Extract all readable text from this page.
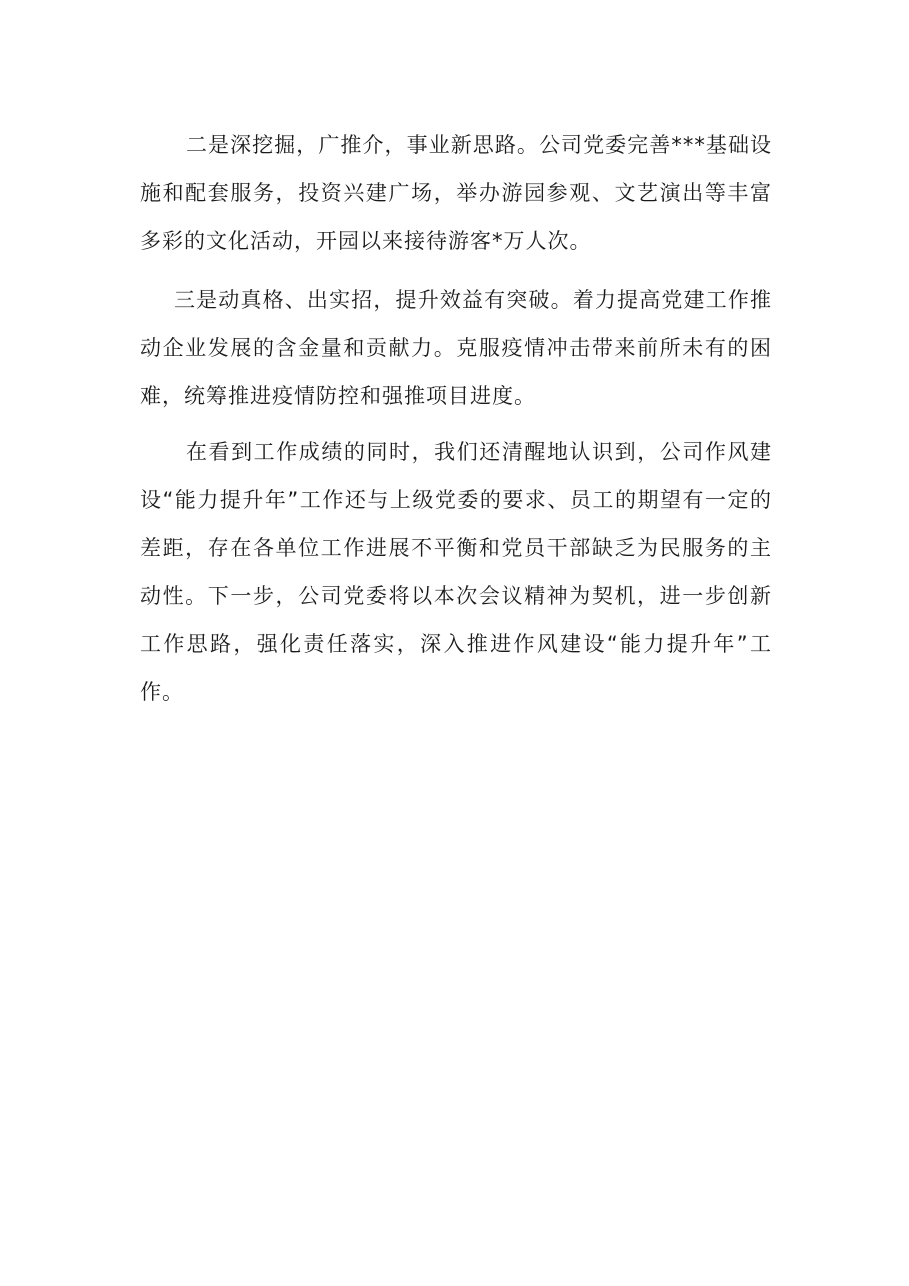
二是深挖掘，广推介，事业新思路。公司党委完善***基础设施和配套服务，投资兴建广场，举办游园参观、文艺演出等丰富多彩的文化活动，开园以来接待游客*万人次。

三是动真格、出实招，提升效益有突破。着力提高党建工作推动企业发展的含金量和贡献力。克服疫情冲击带来前所未有的困难，统筹推进疫情防控和强推项目进度。

在看到工作成绩的同时，我们还清醒地认识到，公司作风建设“能力提升年”工作还与上级党委的要求、员工的期望有一定的差距，存在各单位工作进展不平衡和党员干部缺乏为民服务的主动性。下一步，公司党委将以本次会议精神为契机，进一步创新工作思路，强化责任落实，深入推进作风建设“能力提升年”工作。
